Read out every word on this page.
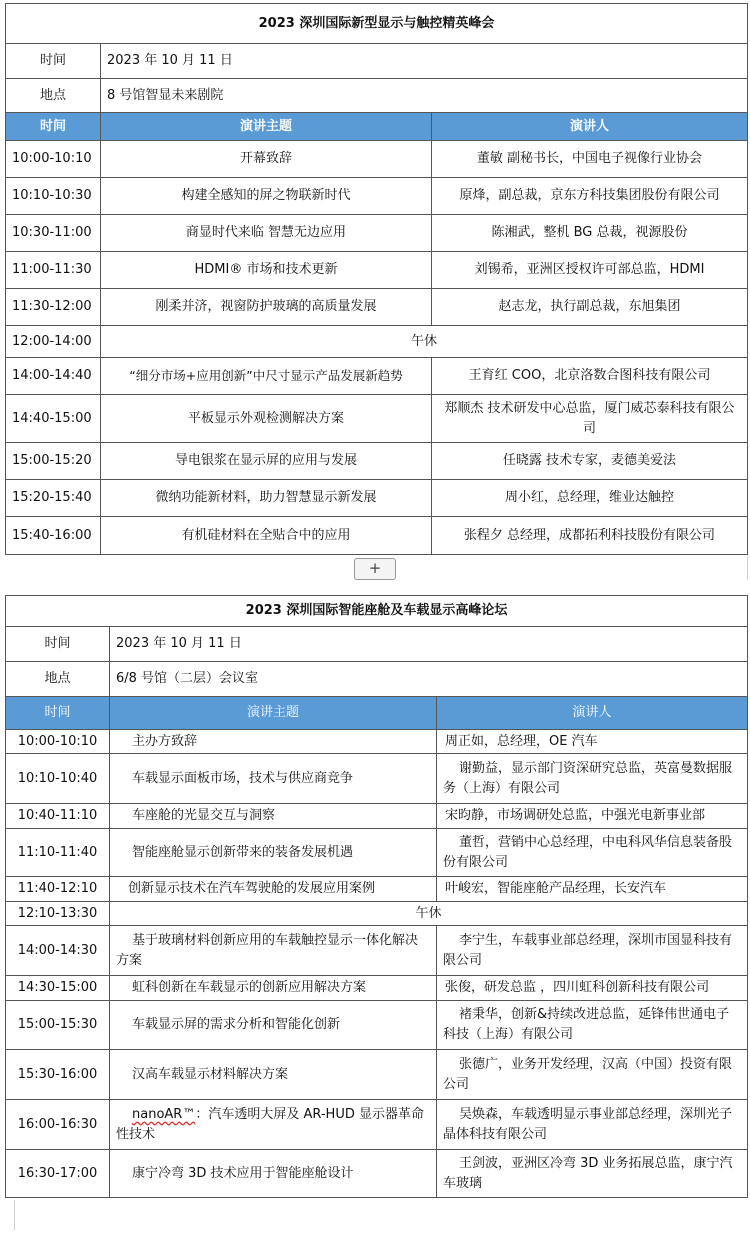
2023 深圳国际新型显示与触控精英峰会		
时间	2023 年 10 月 11 日	
地点	8 号馆智显未来剧院	
时间	演讲主题	演讲人
10:00-10:10	开幕致辞	董敏 副秘书长，中国电子视像行业协会
10:10-10:30	构建全感知的屏之物联新时代	原烽，副总裁，京东方科技集团股份有限公司
10:30-11:00	商显时代来临 智慧无边应用	陈湘武，整机 BG 总裁，视源股份
11:00-11:30	HDMI® 市场和技术更新	刘锡希，亚洲区授权许可部总监，HDMI
11:30-12:00	刚柔并济，视窗防护玻璃的高质量发展	赵志龙，执行副总裁，东旭集团
12:00-14:00	午休	
14:00-14:40	“细分市场+应用创新”中尺寸显示产品发展新趋势	王育红 COO，北京洛数合图科技有限公司
14:40-15:00	平板显示外观检测解决方案	郑顺杰 技术研发中心总监，厦门威芯泰科技有限公司
15:00-15:20	导电银浆在显示屏的应用与发展	任晓露 技术专家，麦德美爱法
15:20-15:40	微纳功能新材料，助力智慧显示新发展	周小红，总经理，维业达触控
15:40-16:00	有机硅材料在全贴合中的应用	张程夕 总经理，成都拓利科技股份有限公司
+
2023 深圳国际智能座舱及车载显示高峰论坛		
时间	2023 年 10 月 11 日	
地点	6/8 号馆（二层）会议室	
时间	演讲主题	演讲人
10:00-10:10	主办方致辞	周正如，总经理，OE 汽车
10:10-10:40	车载显示面板市场，技术与供应商竞争	谢勤益，显示部门资深研究总监，英富曼数据服务（上海）有限公司
10:40-11:10	车座舱的光显交互与洞察	宋昀静，市场调研处总监，中强光电新事业部
11:10-11:40	智能座舱显示创新带来的装备发展机遇	董哲，营销中心总经理，中电科风华信息装备股份有限公司
11:40-12:10	创新显示技术在汽车驾驶舱的发展应用案例	叶峻宏，智能座舱产品经理，长安汽车
12:10-13:30	午休	
14:00-14:30	基于玻璃材料创新应用的车载触控显示一体化解决方案	李宁生，车载事业部总经理，深圳市国显科技有限公司
14:30-15:00	虹科创新在车载显示的创新应用解决方案	张俊，研发总监 ，四川虹科创新科技有限公司
15:00-15:30	车载显示屏的需求分析和智能化创新	褚秉华，创新&持续改进总监，延锋伟世通电子科技（上海）有限公司
15:30-16:00	汉高车载显示材料解决方案	张德广，业务开发经理，汉高（中国）投资有限公司
16:00-16:30	nanoAR™：汽车透明大屏及 AR-HUD 显示器革命性技术	吴焕森，车载透明显示事业部总经理，深圳光子晶体科技有限公司
16:30-17:00	康宁冷弯 3D 技术应用于智能座舱设计	王剑波，亚洲区冷弯 3D 业务拓展总监，康宁汽车玻璃
